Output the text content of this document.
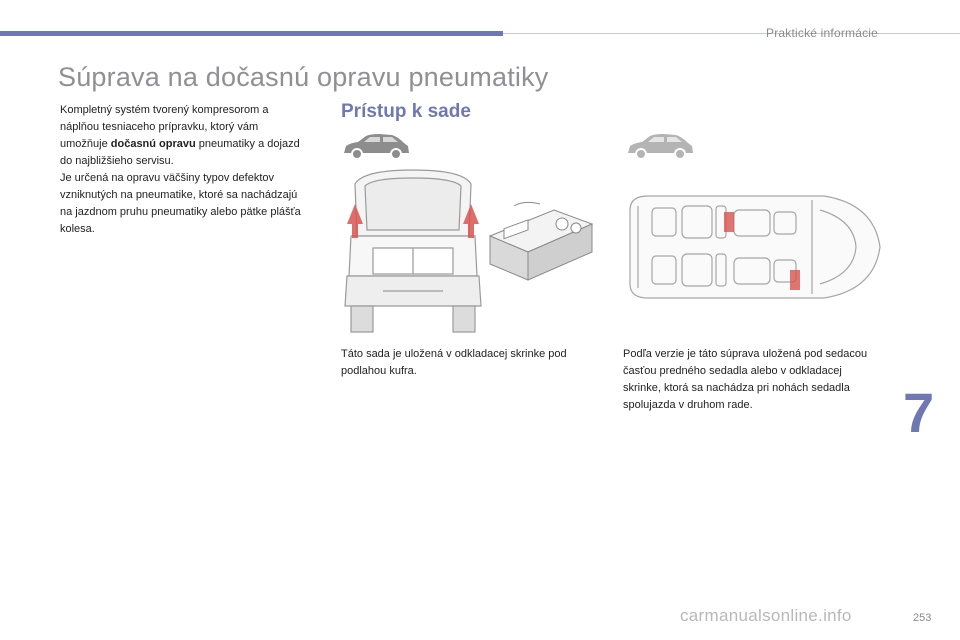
Praktické informácie
Súprava na dočasnú opravu pneumatiky

Kompletný systém tvorený kompresorom a náplňou tesniaceho prípravku, ktorý vám umožňuje dočasnú opravu pneumatiky a dojazd do najbližšieho servisu.

Je určená na opravu väčšiny typov defektov vzniknutých na pneumatike, ktoré sa nachádzajú na jazdnom pruhu pneumatiky alebo pätke plášťa kolesa.

Prístup k sade
Táto sada je uložená v odkladacej skrinke pod podlahou kufra.
Podľa verzie je táto súprava uložená pod sedacou časťou predného sedadla alebo v odkladacej skrinke, ktorá sa nachádza pri nohách sedadla spolujazda v druhom rade.	7
carmanualsonline.info	253
